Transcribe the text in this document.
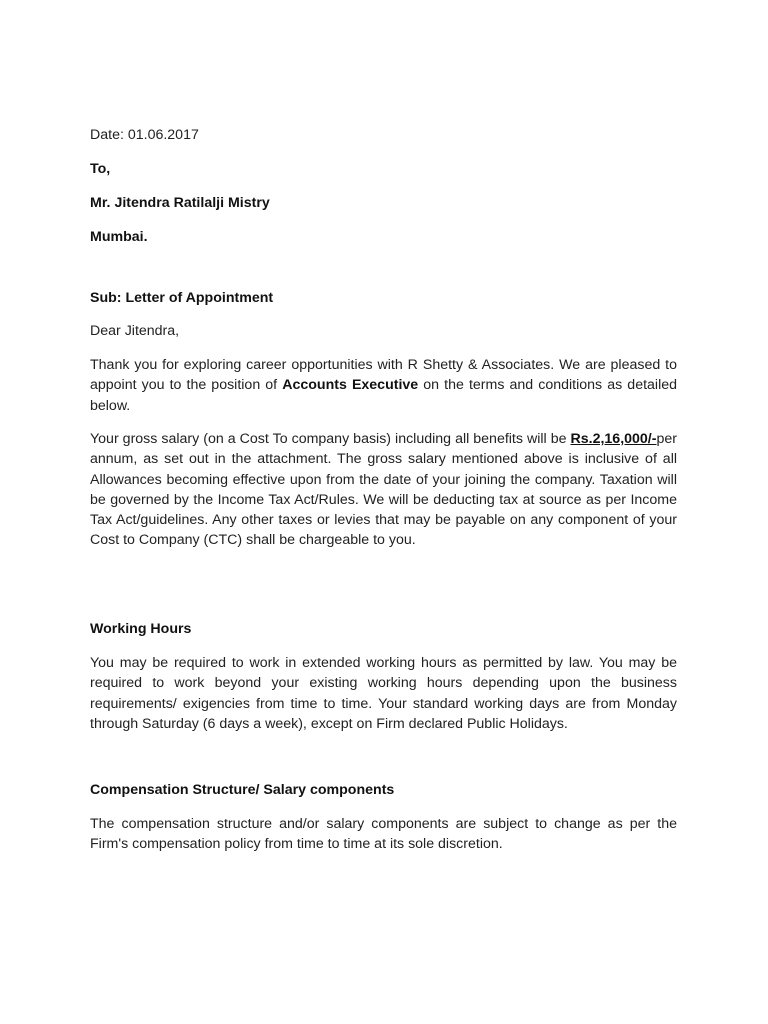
Date: 01.06.2017
To,
Mr. Jitendra Ratilalji Mistry
Mumbai.
Sub: Letter of Appointment
Dear Jitendra,

Thank you for exploring career opportunities with R Shetty & Associates. We are pleased to appoint you to the position of Accounts Executive on the terms and conditions as detailed below.

Your gross salary (on a Cost To company basis) including all benefits will be Rs.2,16,000/-per annum, as set out in the attachment. The gross salary mentioned above is inclusive of all Allowances becoming effective upon from the date of your joining the company. Taxation will be governed by the Income Tax Act/Rules. We will be deducting tax at source as per Income Tax Act/guidelines. Any other taxes or levies that may be payable on any component of your Cost to Company (CTC) shall be chargeable to you.

Working Hours

You may be required to work in extended working hours as permitted by law. You may be required to work beyond your existing working hours depending upon the business requirements/ exigencies from time to time. Your standard working days are from Monday through Saturday (6 days a week), except on Firm declared Public Holidays.

Compensation Structure/ Salary components

The compensation structure and/or salary components are subject to change as per the Firm's compensation policy from time to time at its sole discretion.
